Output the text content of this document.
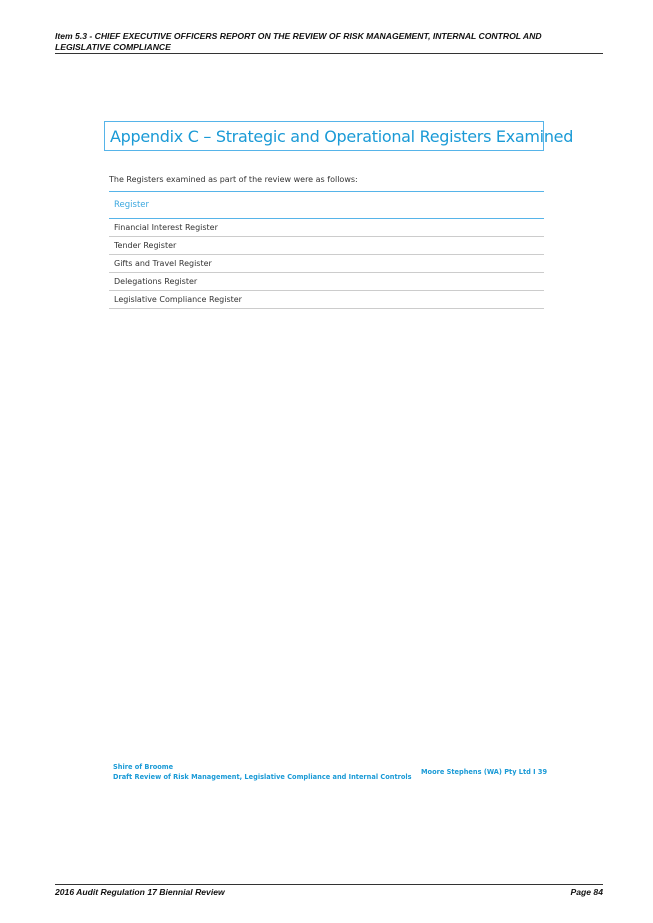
Item 5.3 - CHIEF EXECUTIVE OFFICERS REPORT ON THE REVIEW OF RISK MANAGEMENT, INTERNAL CONTROL AND
LEGISLATIVE COMPLIANCE
Appendix C – Strategic and Operational Registers Examined
The Registers examined as part of the review were as follows:
Register
Financial Interest Register
Tender Register
Gifts and Travel Register
Delegations Register
Legislative Compliance Register
Shire of Broome
Draft Review of Risk Management, Legislative Compliance and Internal Controls
Moore Stephens (WA) Pty Ltd I 39
2016 Audit Regulation 17 Biennial Review	Page 84
